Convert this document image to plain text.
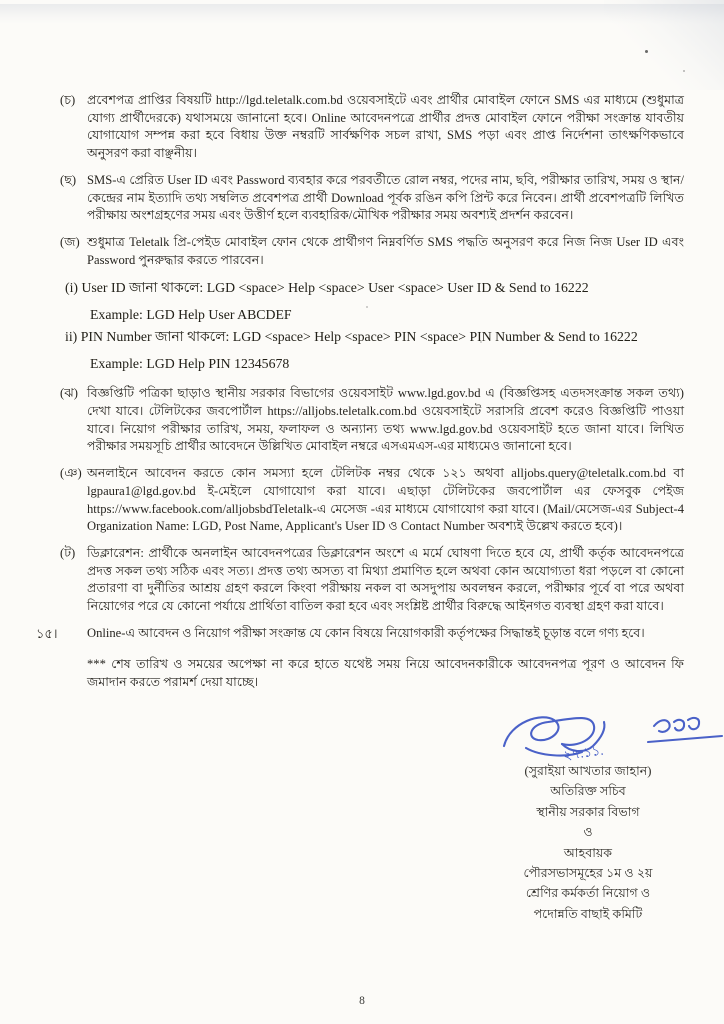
(চ) প্রবেশপত্র প্রাপ্তির বিষয়টি http://lgd.teletalk.com.bd ওয়েবসাইটে এবং প্রার্থীর মোবাইল ফোনে SMS এর মাধ্যমে (শুধুমাত্র যোগ্য প্রার্থীদেরকে) যথাসময়ে জানানো হবে। Online আবেদনপত্রে প্রার্থীর প্রদত্ত মোবাইল ফোনে পরীক্ষা সংক্রান্ত যাবতীয় যোগাযোগ সম্পন্ন করা হবে বিধায় উক্ত নম্বরটি সার্বক্ষণিক সচল রাখা, SMS পড়া এবং প্রাপ্ত নির্দেশনা তাৎক্ষণিকভাবে অনুসরণ করা বাঞ্ছনীয়।
(ছ) SMS-এ প্রেরিত User ID এবং Password ব্যবহার করে পরবর্তীতে রোল নম্বর, পদের নাম, ছবি, পরীক্ষার তারিখ, সময় ও স্থান/কেন্দ্রের নাম ইত্যাদি তথ্য সম্বলিত প্রবেশপত্র প্রার্থী Download পূর্বক রঙিন কপি প্রিন্ট করে নিবেন। প্রার্থী প্রবেশপত্রটি লিখিত পরীক্ষায় অংশগ্রহণের সময় এবং উত্তীর্ণ হলে ব্যবহারিক/মৌখিক পরীক্ষার সময় অবশ্যই প্রদর্শন করবেন।
(জ) শুধুমাত্র Teletalk প্রি-পেইড মোবাইল ফোন থেকে প্রার্থীগণ নিম্নবর্ণিত SMS পদ্ধতি অনুসরণ করে নিজ নিজ User ID এবং Password পুনরুদ্ধার করতে পারবেন।
(i) User ID জানা থাকলে: LGD <space> Help <space> User <space> User ID & Send to 16222
Example: LGD Help User ABCDEF
ii) PIN Number জানা থাকলে: LGD <space> Help <space> PIN <space> PIN Number & Send to 16222
Example: LGD Help PIN 12345678
(ঝ) বিজ্ঞপ্তিটি পত্রিকা ছাড়াও স্থানীয় সরকার বিভাগের ওয়েবসাইট www.lgd.gov.bd এ (বিজ্ঞপ্তিসহ এতদসংক্রান্ত সকল তথ্য) দেখা যাবে। টেলিটকের জবপোর্টাল https://alljobs.teletalk.com.bd ওয়েবসাইটে সরাসরি প্রবেশ করেও বিজ্ঞপ্তিটি পাওয়া যাবে। নিয়োগ পরীক্ষার তারিখ, সময়, ফলাফল ও অন্যান্য তথ্য www.lgd.gov.bd ওয়েবসাইট হতে জানা যাবে। লিখিত পরীক্ষার সময়সূচি প্রার্থীর আবেদনে উল্লিখিত মোবাইল নম্বরে এসএমএস-এর মাধ্যমেও জানানো হবে।
(ঞ) অনলাইনে আবেদন করতে কোন সমস্যা হলে টেলিটক নম্বর থেকে ১২১ অথবা alljobs.query@teletalk.com.bd বা lgpaura1@lgd.gov.bd ই-মেইলে যোগাযোগ করা যাবে। এছাড়া টেলিটকের জবপোর্টাল এর ফেসবুক পেইজ https://www.facebook.com/alljobsbdTeletalk-এ মেসেজ -এর মাধ্যমে যোগাযোগ করা যাবে। (Mail/মেসেজ-এর Subject-4 Organization Name: LGD, Post Name, Applicant's User ID ও Contact Number অবশ্যই উল্লেখ করতে হবে)।
(ট) ডিক্লারেশন: প্রার্থীকে অনলাইন আবেদনপত্রের ডিক্লারেশন অংশে এ মর্মে ঘোষণা দিতে হবে যে, প্রার্থী কর্তৃক আবেদনপত্রে প্রদত্ত সকল তথ্য সঠিক এবং সত্য। প্রদত্ত তথ্য অসত্য বা মিথ্যা প্রমাণিত হলে অথবা কোন অযোগ্যতা ধরা পড়লে বা কোনো প্রতারণা বা দুর্নীতির আশ্রয় গ্রহণ করলে কিংবা পরীক্ষায় নকল বা অসদুপায় অবলম্বন করলে, পরীক্ষার পূর্বে বা পরে অথবা নিয়োগের পরে যে কোনো পর্যায়ে প্রার্থিতা বাতিল করা হবে এবং সংশ্লিষ্ট প্রার্থীর বিরুদ্ধে আইনগত ব্যবস্থা গ্রহণ করা যাবে।
১৫।	Online-এ আবেদন ও নিয়োগ পরীক্ষা সংক্রান্ত যে কোন বিষয়ে নিয়োগকারী কর্তৃপক্ষের সিদ্ধান্তই চূড়ান্ত বলে গণ্য হবে।
*** শেষ তারিখ ও সময়ের অপেক্ষা না করে হাতে যথেষ্ট সময় নিয়ে আবেদনকারীকে আবেদনপত্র পূরণ ও আবেদন ফি জমাদান করতে পরামর্শ দেয়া যাচ্ছে।
২৭.১১.
(সুরাইয়া আখতার জাহান)
অতিরিক্ত সচিব
স্থানীয় সরকার বিভাগ
ও
আহবায়ক
পৌরসভাসমূহের ১ম ও ২য়
শ্রেণির কর্মকর্তা নিয়োগ ও
পদোন্নতি বাছাই কমিটি
8
